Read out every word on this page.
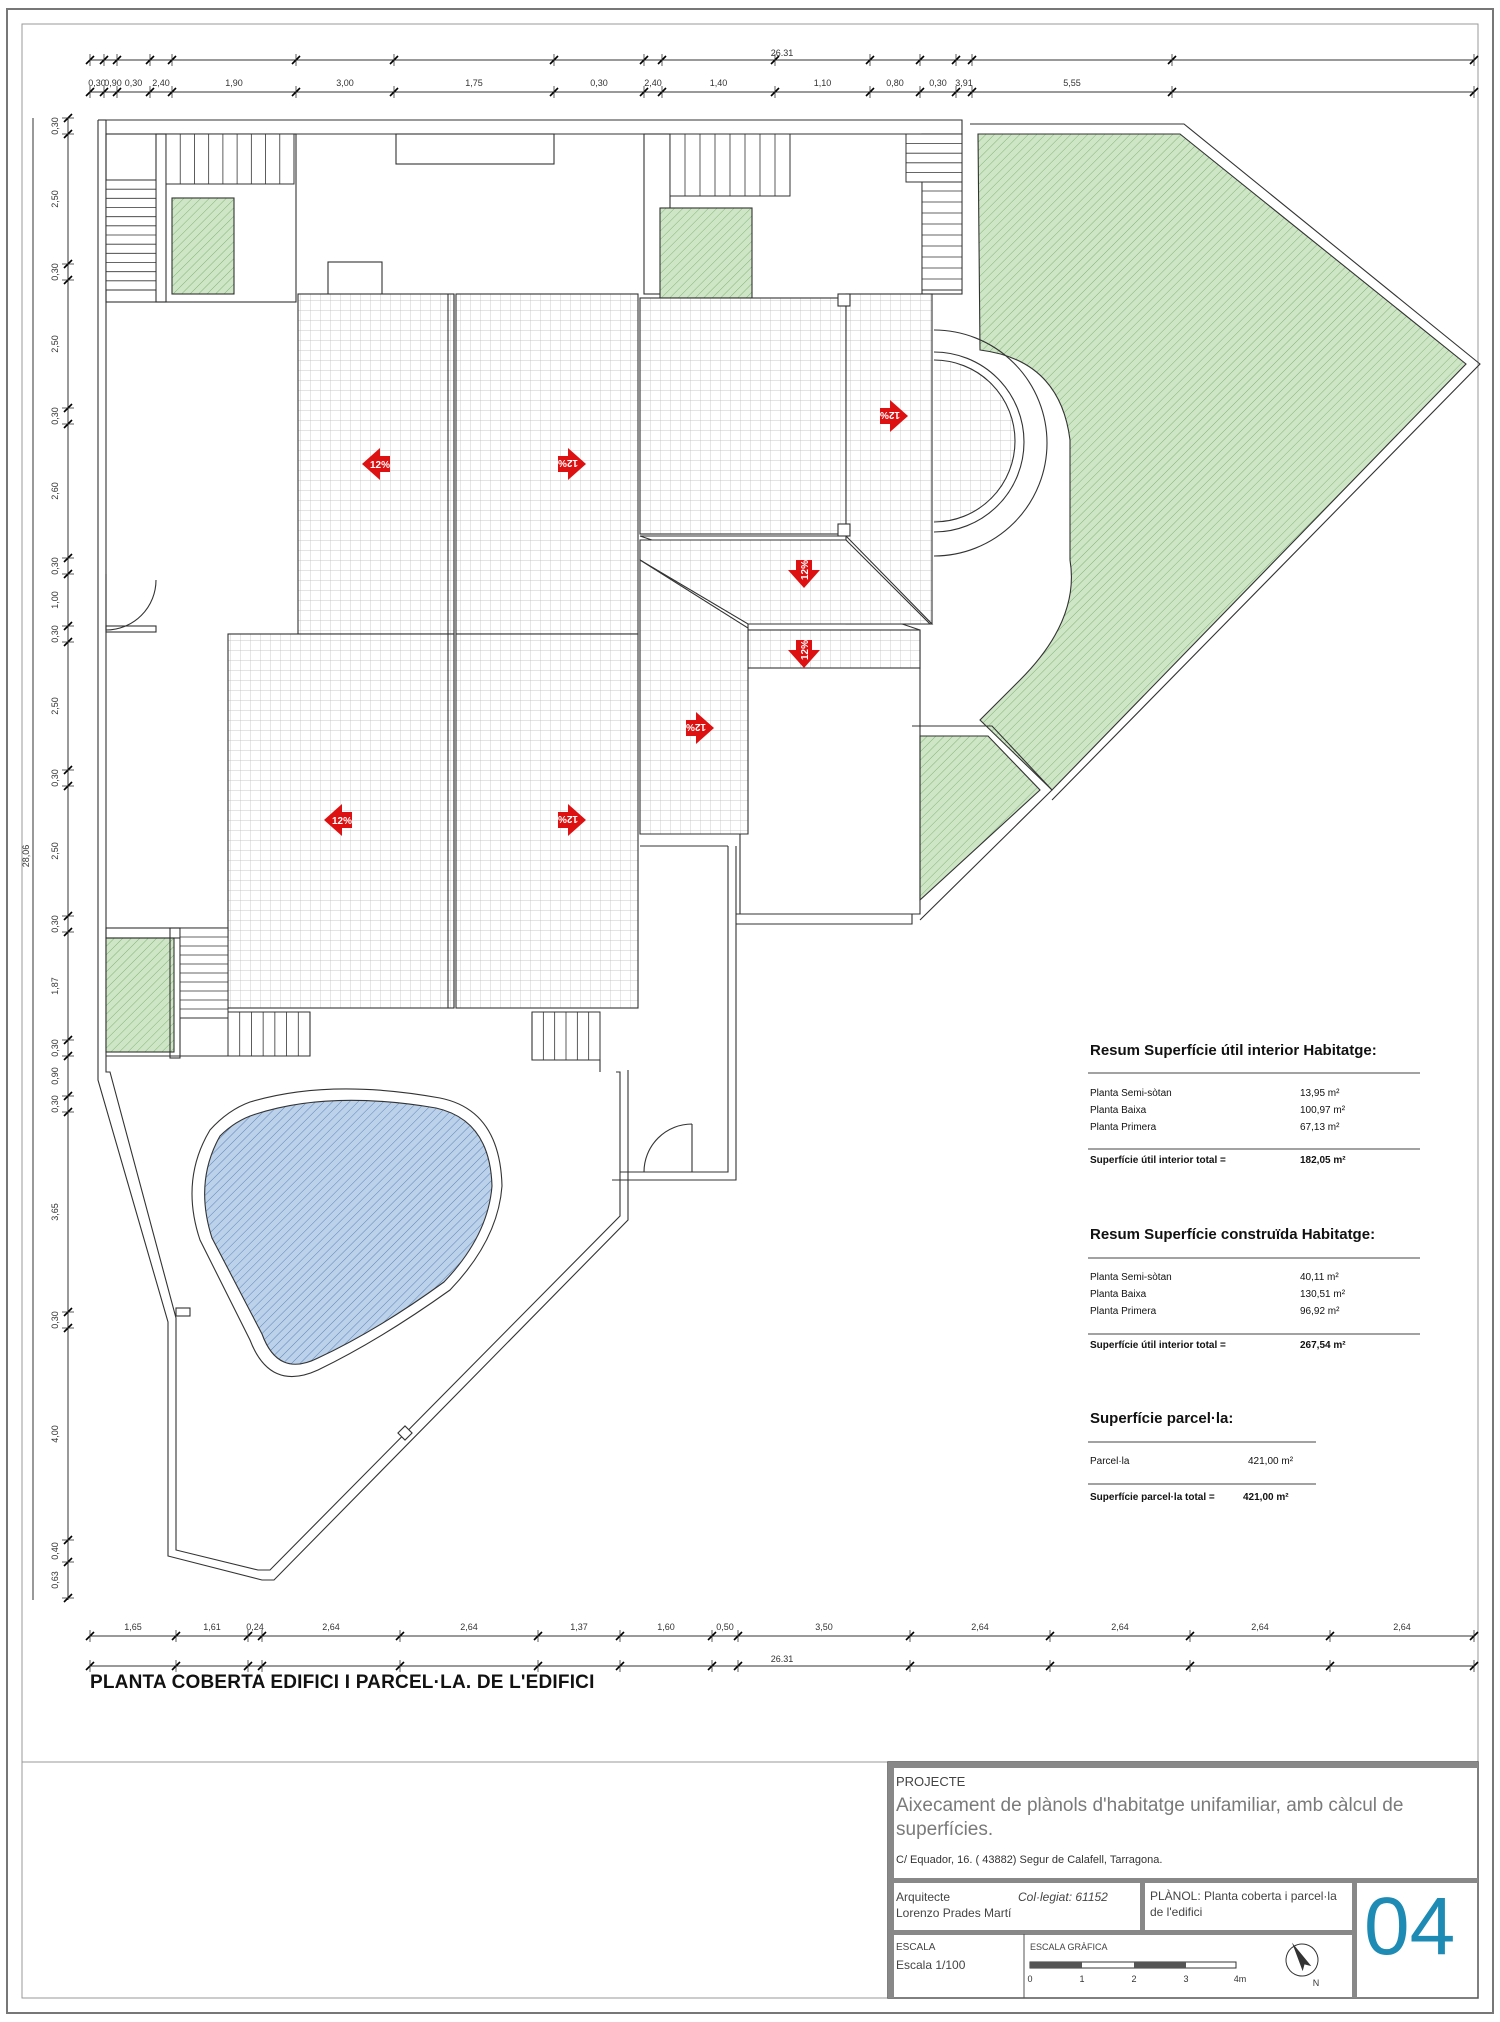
0,30
0,90 0,30 2,40	1,90	3,00	1,75	0,30	2,40	1,40	1,10	0,80	0,30 3,91	5,55
26.31
1,65	1,61	0,24	2,64	2,64	1,37	1,60	0,50	3,50	2,64	2,64	2,64	2,64
26.31
0,30
2,50
0,30
2,50
0,30
2,60
0,30
1,00
0,30
2,50
0,30
2,50
0,30
1,87
0,30
0,90
0,30
3,65
0,30
4,00
0,40
0,63
28,06
12%	12%
12%	12%
12%
12%
12%
12%
0	1	2	3	4m	N
PLANTA COBERTA EDIFICI I PARCEL·LA. DE L'EDIFICI
Resum Superfície útil interior Habitatge:
Planta Semi-sòtan	13,95 m²
Planta Baixa	100,97 m²
Planta Primera	67,13 m²
Superfície útil interior total =	182,05 m²
Resum Superfície construïda Habitatge:
Planta Semi-sòtan	40,11 m²
Planta Baixa	130,51 m²
Planta Primera	96,92 m²
Superfície útil interior total =	267,54 m²
Superfície parcel·la:
Parcel·la	421,00 m²
Superfície parcel·la total =	421,00 m²
PROJECTE
Aixecament de plànols d'habitatge unifamiliar, amb càlcul de superfícies.
C/ Equador, 16. ( 43882) Segur de Calafell, Tarragona.
Arquitecte	Col·legiat: 61152
Lorenzo Prades Martí
PLÀNOL: Planta coberta i parcel·la de l'edifici
ESCALA
Escala 1/100
ESCALA GRÀFICA	04
